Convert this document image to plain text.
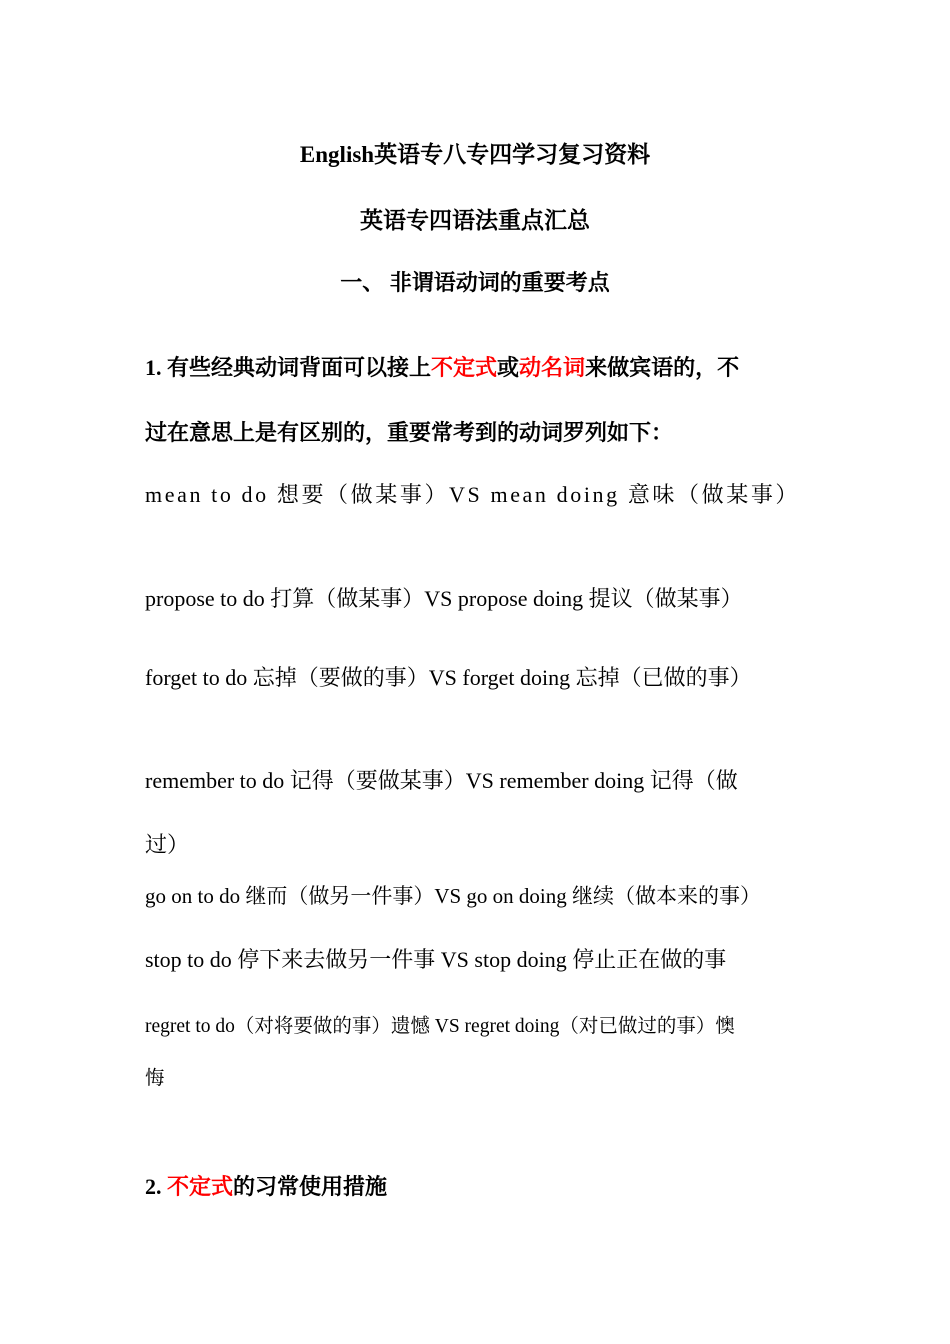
English英语专八专四学习复习资料
英语专四语法重点汇总
一、 非谓语动词的重要考点
1. 有些经典动词背面可以接上不定式或动名词来做宾语的，不
过在意思上是有区别的，重要常考到的动词罗列如下：
mean to do 想要（做某事）VS mean doing 意味（做某事）
propose to do 打算（做某事）VS propose doing 提议（做某事）
forget to do 忘掉（要做的事）VS forget doing 忘掉（已做的事）
remember to do 记得（要做某事）VS remember doing 记得（做
过）
go on to do 继而（做另一件事）VS go on doing 继续（做本来的事）
stop to do 停下来去做另一件事 VS stop doing 停止正在做的事
regret to do（对将要做的事）遗憾 VS regret doing（对已做过的事）懊
悔
2. 不定式的习常使用措施
